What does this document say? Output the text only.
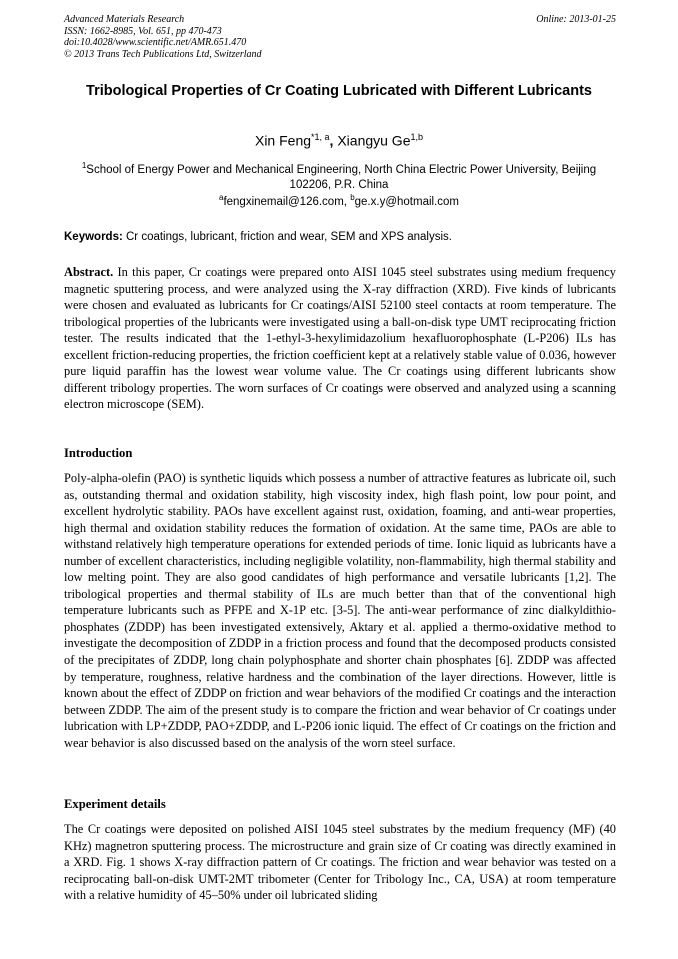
Advanced Materials Research
ISSN: 1662-8985, Vol. 651, pp 470-473
doi:10.4028/www.scientific.net/AMR.651.470
© 2013 Trans Tech Publications Ltd, Switzerland
Online: 2013-01-25
Tribological Properties of Cr Coating Lubricated with Different Lubricants
Xin Feng$^{*1, a}$, Xiangyu Ge$^{1,b}$
$^1$School of Energy Power and Mechanical Engineering, North China Electric Power University, Beijing 102206, P.R. China
$^a$fengxinemail@126.com, $^b$ge.x.y@hotmail.com
Keywords: Cr coatings, lubricant, friction and wear, SEM and XPS analysis.
Abstract. In this paper, Cr coatings were prepared onto AISI 1045 steel substrates using medium frequency magnetic sputtering process, and were analyzed using the X-ray diffraction (XRD). Five kinds of lubricants were chosen and evaluated as lubricants for Cr coatings/AISI 52100 steel contacts at room temperature. The tribological properties of the lubricants were investigated using a ball-on-disk type UMT reciprocating friction tester. The results indicated that the 1-ethyl-3-hexylimidazolium hexafluorophosphate (L-P206) ILs has excellent friction-reducing properties, the friction coefficient kept at a relatively stable value of 0.036, however pure liquid paraffin has the lowest wear volume value. The Cr coatings using different lubricants show different tribology properties. The worn surfaces of Cr coatings were observed and analyzed using a scanning electron microscope (SEM).
Introduction
Poly-alpha-olefin (PAO) is synthetic liquids which possess a number of attractive features as lubricate oil, such as, outstanding thermal and oxidation stability, high viscosity index, high flash point, low pour point, and excellent hydrolytic stability. PAOs have excellent against rust, oxidation, foaming, and anti-wear properties, high thermal and oxidation stability reduces the formation of oxidation. At the same time, PAOs are able to withstand relatively high temperature operations for extended periods of time. Ionic liquid as lubricants have a number of excellent characteristics, including negligible volatility, non-flammability, high thermal stability and low melting point. They are also good candidates of high performance and versatile lubricants [1,2]. The tribological properties and thermal stability of ILs are much better than that of the conventional high temperature lubricants such as PFPE and X-1P etc. [3-5]. The anti-wear performance of zinc dialkyldithio-phosphates (ZDDP) has been investigated extensively, Aktary et al. applied a thermo-oxidative method to investigate the decomposition of ZDDP in a friction process and found that the decomposed products consisted of the precipitates of ZDDP, long chain polyphosphate and shorter chain phosphates [6]. ZDDP was affected by temperature, roughness, relative hardness and the combination of the layer directions. However, little is known about the effect of ZDDP on friction and wear behaviors of the modified Cr coatings and the interaction between ZDDP. The aim of the present study is to compare the friction and wear behavior of Cr coatings under lubrication with LP+ZDDP, PAO+ZDDP, and L-P206 ionic liquid. The effect of Cr coatings on the friction and wear behavior is also discussed based on the analysis of the worn steel surface.
Experiment details
The Cr coatings were deposited on polished AISI 1045 steel substrates by the medium frequency (MF) (40 KHz) magnetron sputtering process. The microstructure and grain size of Cr coating was directly examined in a XRD. Fig. 1 shows X-ray diffraction pattern of Cr coatings. The friction and wear behavior was tested on a reciprocating ball-on-disk UMT-2MT tribometer (Center for Tribology Inc., CA, USA) at room temperature with a relative humidity of 45–50% under oil lubricated sliding
